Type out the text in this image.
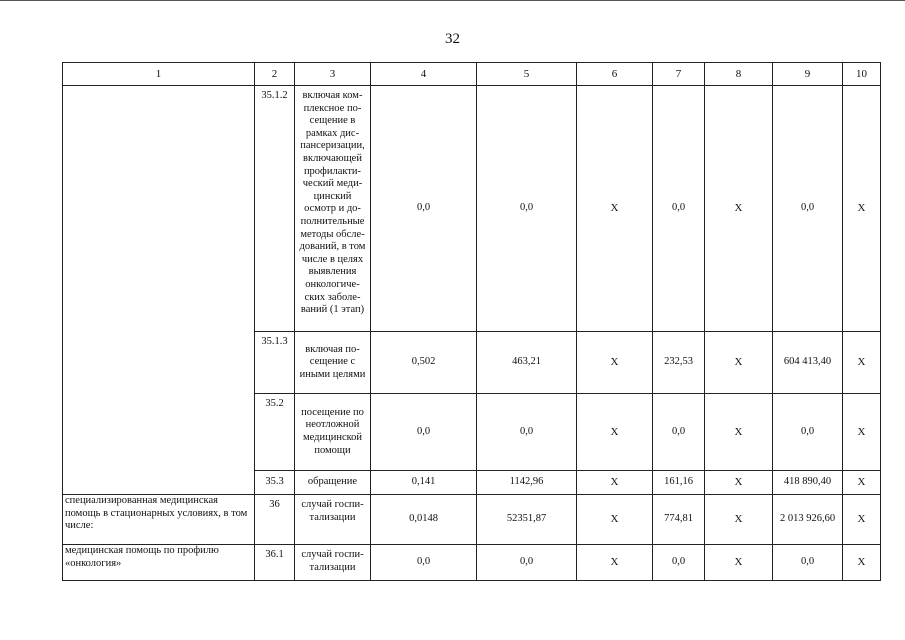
32
1	2	3	4	5	6	7	8	9	10
	35.1.2	включая ком- плексное по- сещение в рамках дис- пансеризации, включающей профилакти- ческий меди- цинский осмотр и до- полнительные методы обсле- дований, в том числе в целях выявления онкологиче- ских заболе- ваний (1 этап)	0,0	0,0	X	0,0	X	0,0	X
	35.1.3	включая по- сещение с иными целями	0,502	463,21	X	232,53	X	604 413,40	X
	35.2	посещение по неотложной медицинской помощи	0,0	0,0	X	0,0	X	0,0	X
	35.3	обращение	0,141	1142,96	X	161,16	X	418 890,40	X
специализированная медицинская помощь в стационарных условиях, в том числе:	36	случай госпи- тализации	0,0148	52351,87	X	774,81	X	2 013 926,60	X
медицинская помощь по профилю «онкология»	36.1	случай госпи- тализации	0,0	0,0	X	0,0	X	0,0	X
